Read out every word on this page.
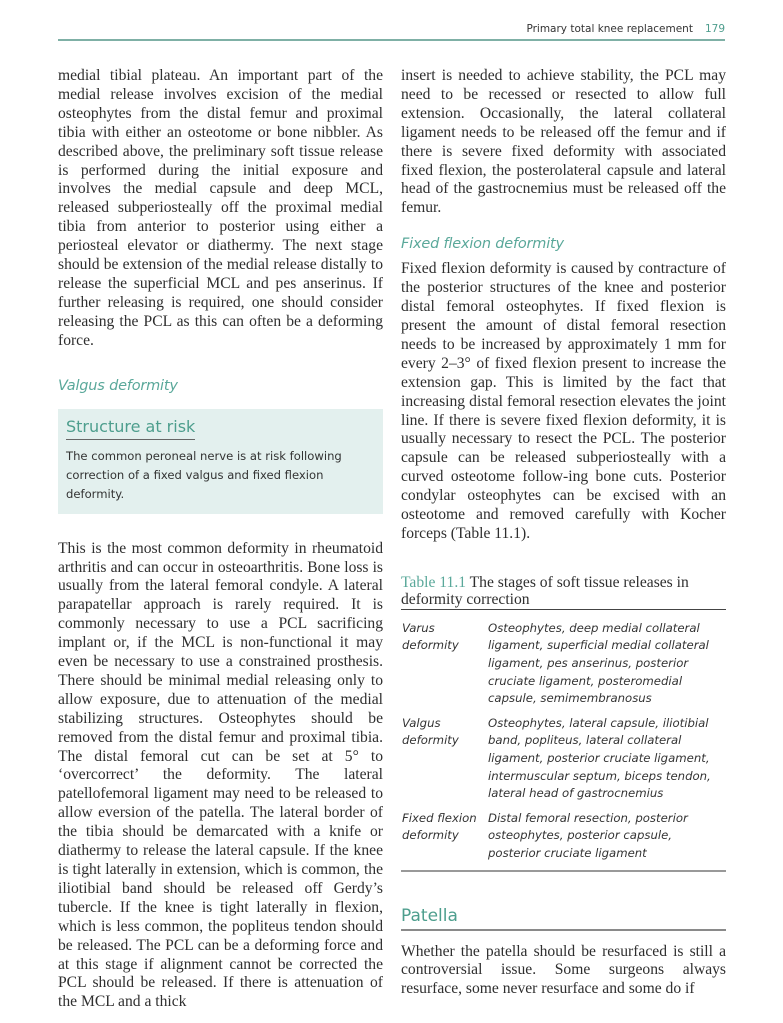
Primary total knee replacement 179

medial tibial plateau. An important part of the medial release involves excision of the medial osteophytes from the distal femur and proximal tibia with either an osteotome or bone nibbler. As described above, the preliminary soft tissue release is performed during the initial exposure and involves the medial capsule and deep MCL, released subperiosteally off the proximal medial tibia from anterior to posterior using either a periosteal elevator or diathermy. The next stage should be extension of the medial release distally to release the superficial MCL and pes anserinus. If further releasing is required, one should consider releasing the PCL as this can often be a deforming force.

Valgus deformity
Structure at risk

The common peroneal nerve is at risk following correction of a fixed valgus and fixed flexion deformity.

This is the most common deformity in rheumatoid arthritis and can occur in osteoarthritis. Bone loss is usually from the lateral femoral condyle. A lateral parapatellar approach is rarely required. It is commonly necessary to use a PCL sacrificing implant or, if the MCL is non-functional it may even be necessary to use a constrained prosthesis. There should be minimal medial releasing only to allow exposure, due to attenuation of the medial stabilizing structures. Osteophytes should be removed from the distal femur and proximal tibia. The distal femoral cut can be set at 5° to ‘overcorrect’ the deformity. The lateral patellofemoral ligament may need to be released to allow eversion of the patella. The lateral border of the tibia should be demarcated with a knife or diathermy to release the lateral capsule. If the knee is tight laterally in extension, which is common, the iliotibial band should be released off Gerdy’s tubercle. If the knee is tight laterally in flexion, which is less common, the popliteus tendon should be released. The PCL can be a deforming force and at this stage if alignment cannot be corrected the PCL should be released. If there is attenuation of the MCL and a thick

insert is needed to achieve stability, the PCL may need to be recessed or resected to allow full extension. Occasionally, the lateral collateral ligament needs to be released off the femur and if there is severe fixed deformity with associated fixed flexion, the posterolateral capsule and lateral head of the gastrocnemius must be released off the femur.

Fixed flexion deformity

Fixed flexion deformity is caused by contracture of the posterior structures of the knee and posterior distal femoral osteophytes. If fixed flexion is present the amount of distal femoral resection needs to be increased by approximately 1 mm for every 2–3° of fixed flexion present to increase the extension gap. This is limited by the fact that increasing distal femoral resection elevates the joint line. If there is severe fixed flexion deformity, it is usually necessary to resect the PCL. The posterior capsule can be released subperiosteally with a curved osteotome follow-ing bone cuts. Posterior condylar osteophytes can be excised with an osteotome and removed carefully with Kocher forceps (Table 11.1).

Table 11.1 The stages of soft tissue releases in deformity correction

Varus deformity	Osteophytes, deep medial collateral ligament, superficial medial collateral ligament, pes anserinus, posterior cruciate ligament, posteromedial capsule, semimembranosus
Valgus deformity	Osteophytes, lateral capsule, iliotibial band, popliteus, lateral collateral ligament, posterior cruciate ligament, intermuscular septum, biceps tendon, lateral head of gastrocnemius
Fixed flexion deformity	Distal femoral resection, posterior osteophytes, posterior capsule, posterior cruciate ligament
Patella

Whether the patella should be resurfaced is still a controversial issue. Some surgeons always resurface, some never resurface and some do if
